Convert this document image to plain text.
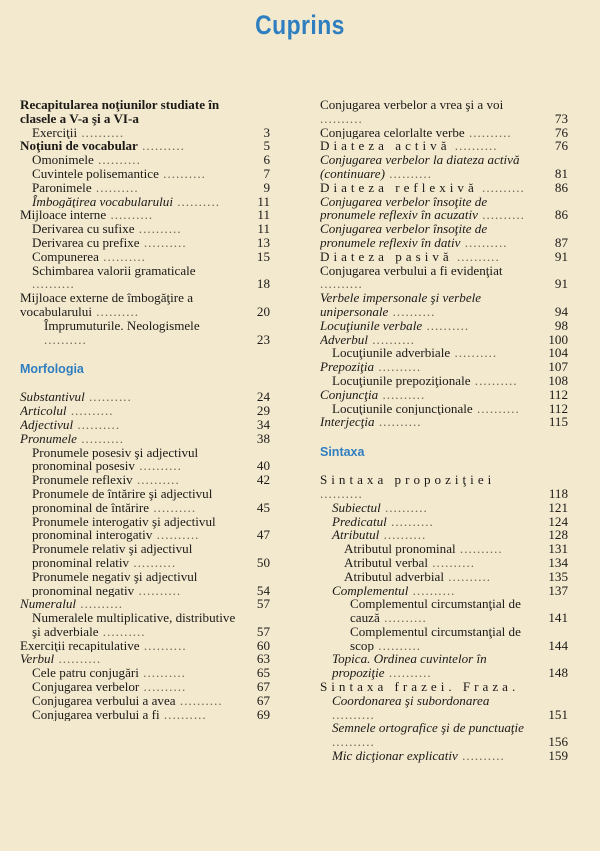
Cuprins
Recapitularea noţiunilor studiate în clasele a V-a şi a VI-a
Exerciţii ..........	3
Noţiuni de vocabular ..........	5
Omonimele ..........	6
Cuvintele polisemantice ..........	7
Paronimele ..........	9
Îmbogăţirea vocabularului ..........	11
Mijloace interne ..........	11
Derivarea cu sufixe ..........	11
Derivarea cu prefixe ..........	13
Compunerea ..........	15
Schimbarea valorii gramaticale ..........	18
Mijloace externe de îmbogăţire a vocabularului ..........	20
Împrumuturile. Neologismele ..........	23
Morfologia
Substantivul ..........	24
Articolul ..........	29
Adjectivul ..........	34
Pronumele ..........	38
Pronumele posesiv şi adjectivul pronominal posesiv ..........	40
Pronumele reflexiv ..........	42
Pronumele de întărire şi adjectivul pronominal de întărire ..........	45
Pronumele interogativ şi adjectivul pronominal interogativ ..........	47
Pronumele relativ şi adjectivul pronominal relativ ..........	50
Pronumele negativ şi adjectivul pronominal negativ ..........	54
Numeralul ..........	57
Numeralele multiplicative, distributive şi adverbiale ..........	57
Exerciţii recapitulative ..........	60
Verbul ..........	63
Cele patru conjugări ..........	65
Conjugarea verbelor ..........	67
Conjugarea verbului a avea ..........	67
Conjugarea verbului a fi ..........	69
Conjugarea verbelor a vrea şi a voi ..........	73
Conjugarea celorlalte verbe ..........	76
Diateza activă ..........	76
Conjugarea verbelor la diateza activă (continuare) ..........	81
Diateza reflexivă ..........	86
Conjugarea verbelor însoţite de pronumele reflexiv în acuzativ ..........	86
Conjugarea verbelor însoţite de pronumele reflexiv în dativ ..........	87
Diateza pasivă ..........	91
Conjugarea verbului a fi evidenţiat ..........	91
Verbele impersonale şi verbele unipersonale ..........	94
Locuţiunile verbale ..........	98
Adverbul ..........	100
Locuţiunile adverbiale ..........	104
Prepoziţia ..........	107
Locuţiunile prepoziţionale ..........	108
Conjuncţia ..........	112
Locuţiunile conjuncţionale ..........	112
Interjecţia ..........	115
Sintaxa
Sintaxa propoziţiei ..........	118
Subiectul ..........	121
Predicatul ..........	124
Atributul ..........	128
Atributul pronominal ..........	131
Atributul verbal ..........	134
Atributul adverbial ..........	135
Complementul ..........	137
Complementul circumstanţial de cauză ..........	141
Complementul circumstanţial de scop ..........	144
Topica. Ordinea cuvintelor în propoziţie ..........	148
Sintaxa frazei. Fraza.
Coordonarea şi subordonarea ..........	151
Semnele ortografice şi de punctuaţie ..........	156
Mic dicţionar explicativ ..........	159
